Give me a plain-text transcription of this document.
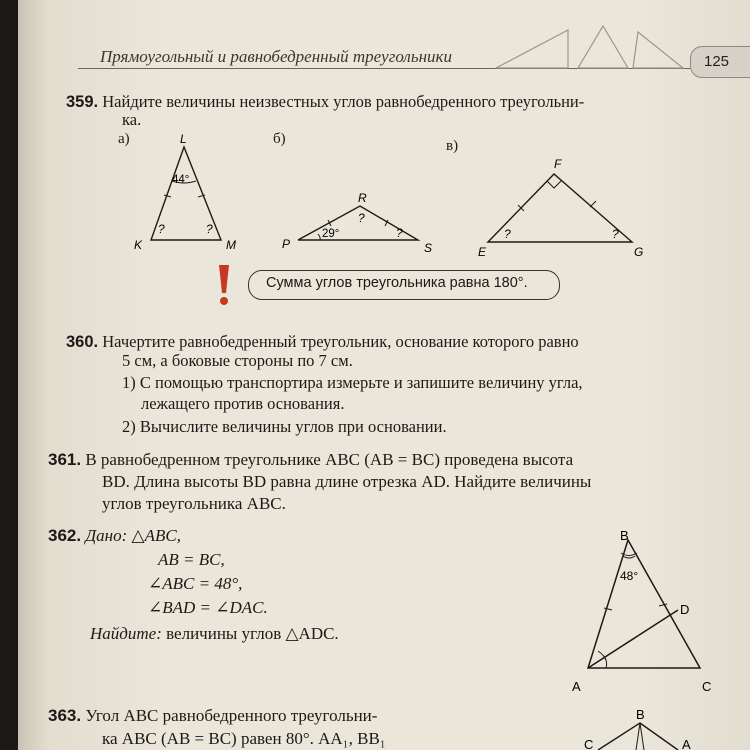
Прямоугольный и равнобедренный треугольники	125
359. Найдите величины неизвестных углов равнобедренного треугольни-
ка.
а)	б)	в)
L
K	M
44°
?	?
R
P	S
29°
?
?
F
E	G
?	?
Сумма углов треугольника равна 180°.
360. Начертите равнобедренный треугольник, основание которого равно
5 см, а боковые стороны по 7 см.
1) С помощью транспортира измерьте и запишите величину угла,
лежащего против основания.
2) Вычислите величины углов при основании.
361. В равнобедренном треугольнике ABC (AB = BC) проведена высота
BD. Длина высоты BD равна длине отрезка AD. Найдите величины
углов треугольника ABC.
362. Дано: △ABC,
AB = BC,
∠ABC = 48°,
∠BAD = ∠DAC.
Найдите: величины углов △ADC.
B
D
A	C
48°
363. Угол ABC равнобедренного треугольни-
ка ABC (AB = BC) равен 80°. AA₁, BB₁
B
C	A
